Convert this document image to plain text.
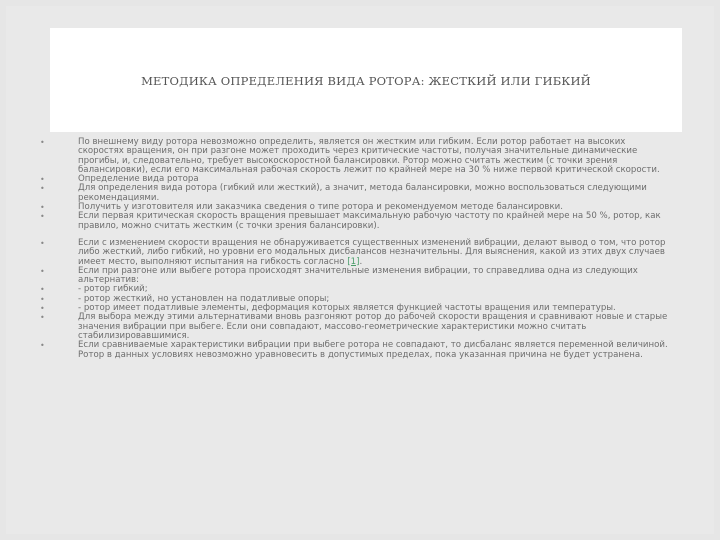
МЕТОДИКА ОПРЕДЕЛЕНИЯ ВИДА РОТОРА: ЖЕСТКИЙ ИЛИ ГИБКИЙ
•	По внешнему виду ротора невозможно определить, является он жестким или гибким. Если ротор работает на высоких скоростях вращения, он при разгоне может проходить через критические частоты, получая значительные динамические прогибы, и, следовательно, требует высокоскоростной балансировки. Ротор можно считать жестким (с точки зрения балансировки), если его максимальная рабочая скорость лежит по крайней мере на 30 % ниже первой критической скорости.
•	Определение вида ротора
•	Для определения вида ротора (гибкий или жесткий), а значит, метода балансировки, можно воспользоваться следующими рекомендациями.
•	Получить у изготовителя или заказчика сведения о типе ротора и рекомендуемом методе балансировки.
•	Если первая критическая скорость вращения превышает максимальную рабочую частоту по крайней мере на 50 %, ротор, как правило, можно считать жестким (с точки зрения балансировки).
•	Если с изменением скорости вращения не обнаруживается существенных изменений вибрации, делают вывод о том, что ротор либо жесткий, либо гибкий, но уровни его модальных дисбалансов незначительны. Для выяснения, какой из этих двух случаев имеет место, выполняют испытания на гибкость согласно [1].
•	Если при разгоне или выбеге ротора происходят значительные изменения вибрации, то справедлива одна из следующих альтернатив:
•	- ротор гибкий;
•	- ротор жесткий, но установлен на податливые опоры;
•	- ротор имеет податливые элементы, деформация которых является функцией частоты вращения или температуры.
•	Для выбора между этими альтернативами вновь разгоняют ротор до рабочей скорости вращения и сравнивают новые и старые значения вибрации при выбеге. Если они совпадают, массово-геометрические характеристики можно считать стабилизировавшимися.
•	Если сравниваемые характеристики вибрации при выбеге ротора не совпадают, то дисбаланс является переменной величиной. Ротор в данных условиях невозможно уравновесить в допустимых пределах, пока указанная причина не будет устранена.
